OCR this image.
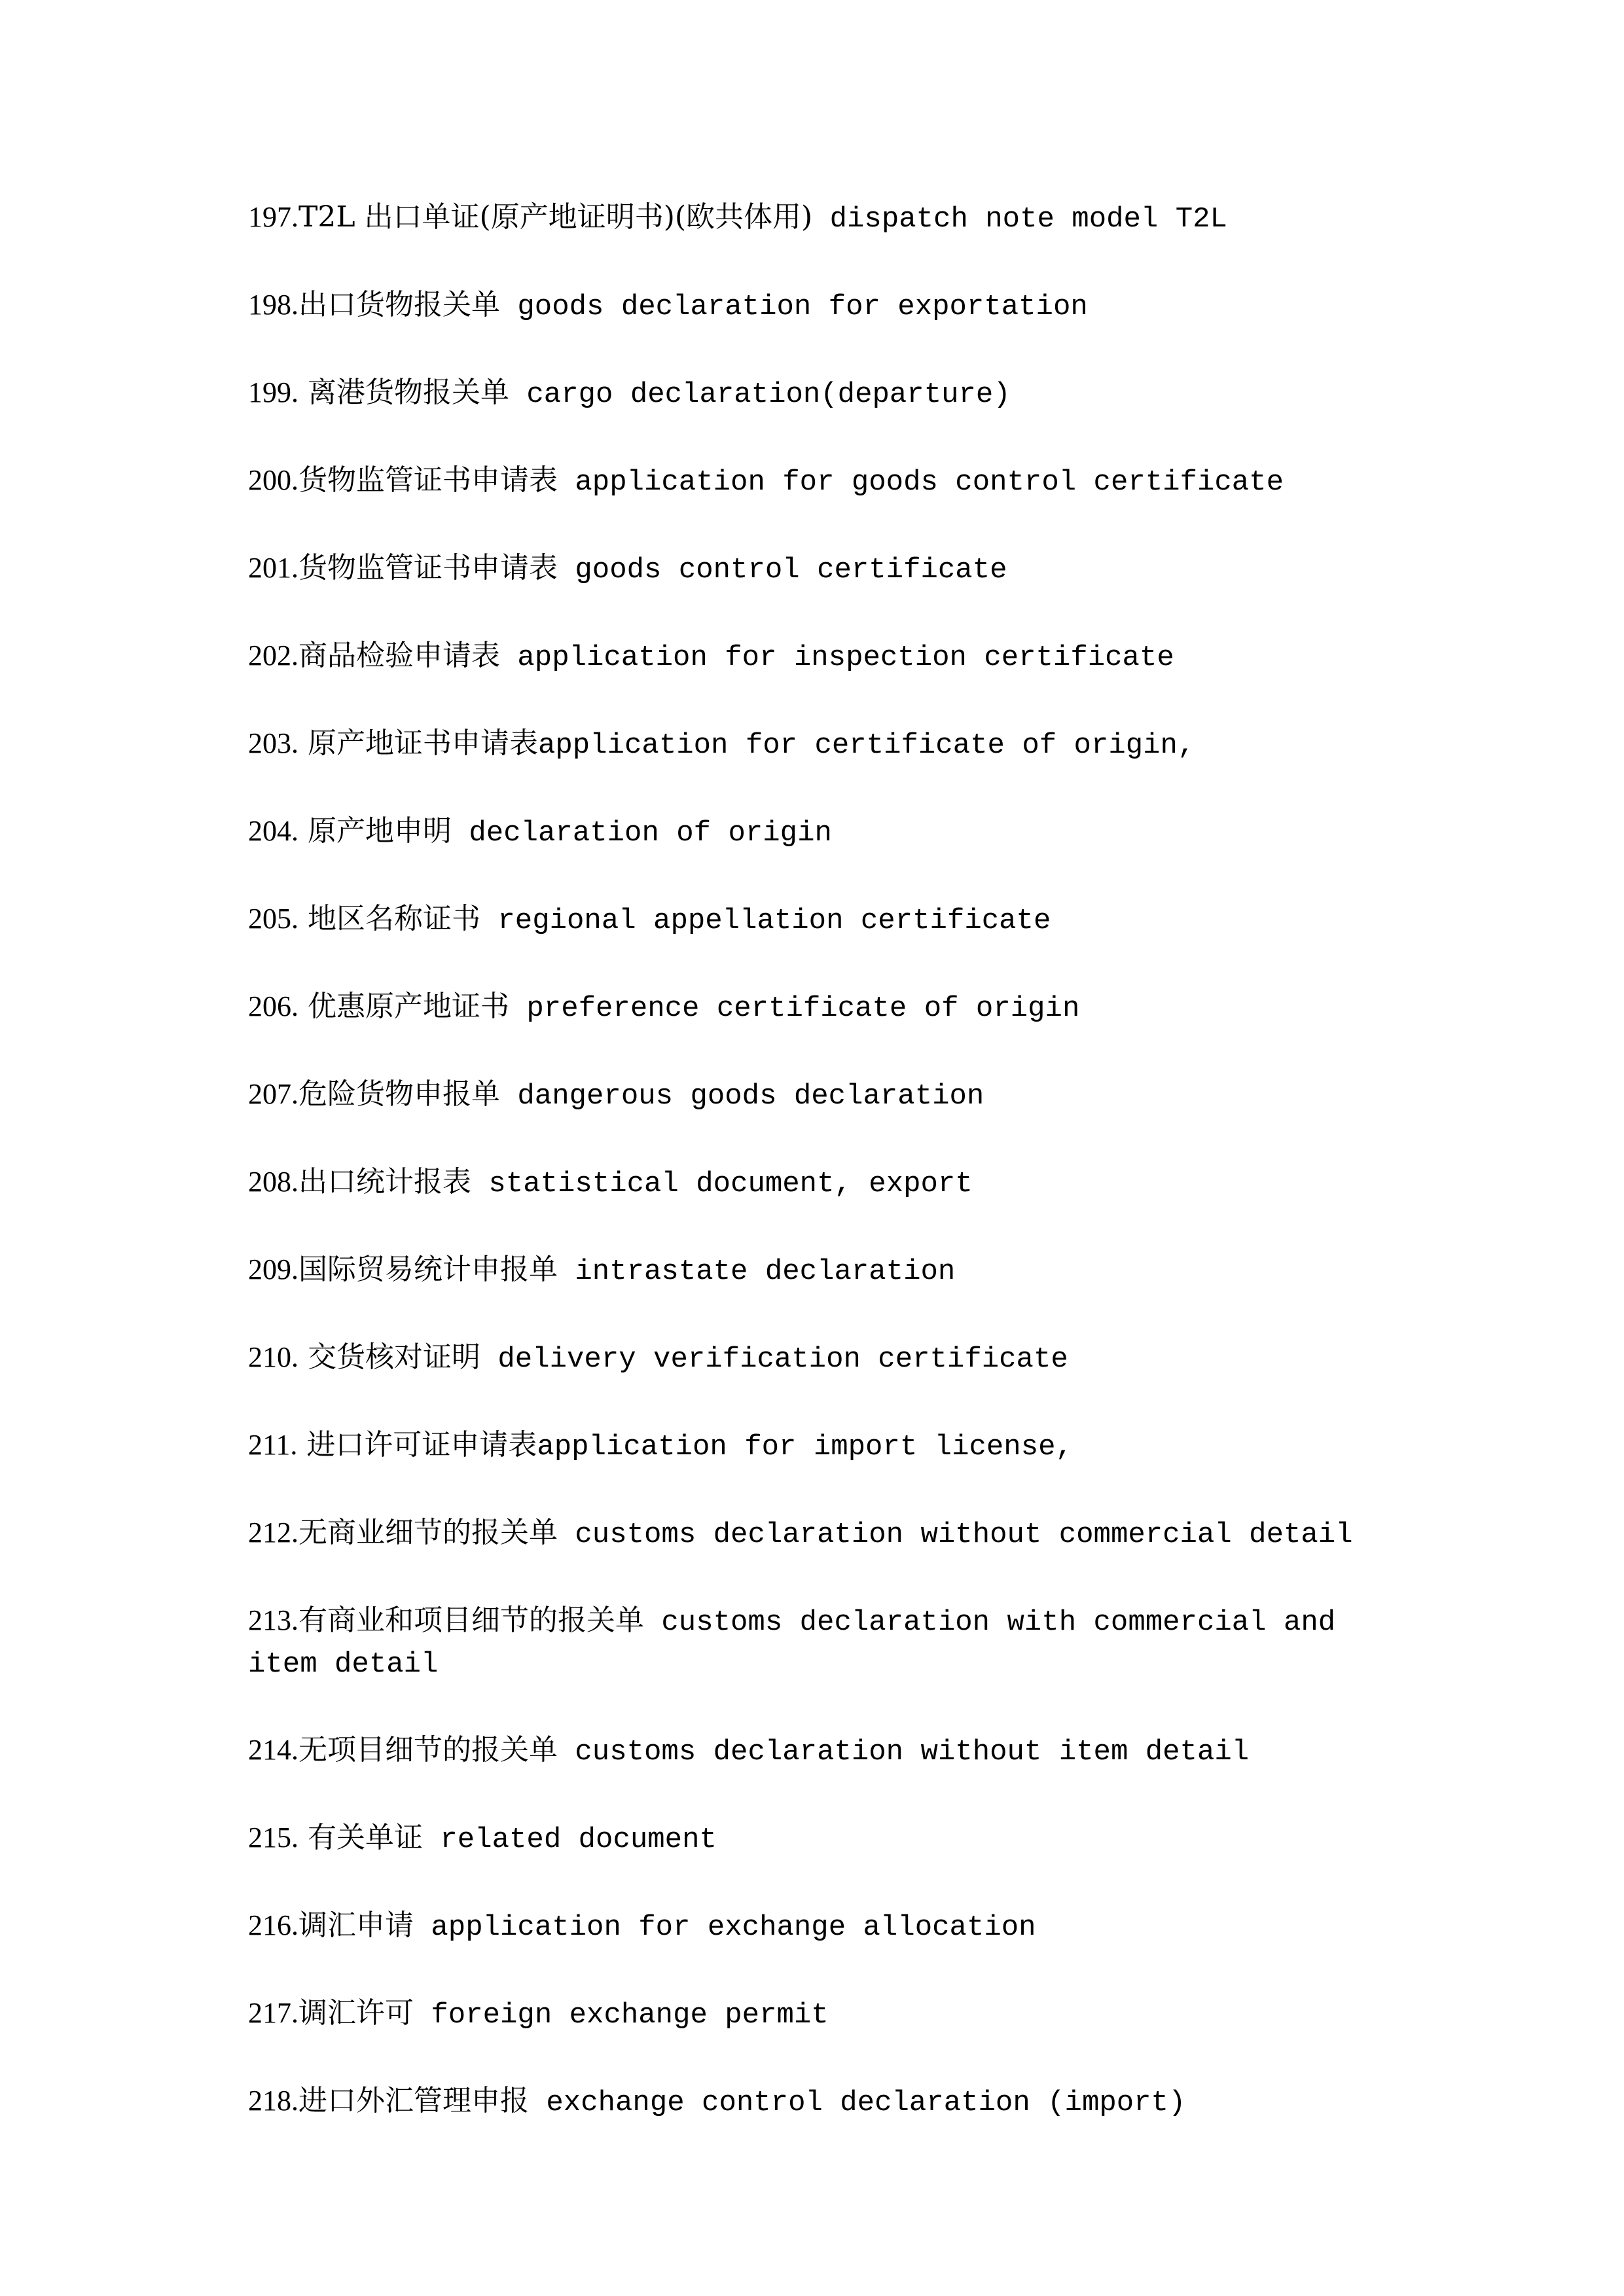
197.T2L 出口单证(原产地证明书)(欧共体用) dispatch note model T2L

198.出口货物报关单 goods declaration for exportation

199. 离港货物报关单 cargo declaration(departure)

200.货物监管证书申请表 application for goods control certificate

201.货物监管证书申请表 goods control certificate

202.商品检验申请表 application for inspection certificate

203. 原产地证书申请表application for certificate of origin,

204. 原产地申明 declaration of origin

205. 地区名称证书 regional appellation certificate

206. 优惠原产地证书 preference certificate of origin

207.危险货物申报单 dangerous goods declaration

208.出口统计报表 statistical document, export

209.国际贸易统计申报单 intrastate declaration

210. 交货核对证明 delivery verification certificate

211. 进口许可证申请表application for import license,

212.无商业细节的报关单 customs declaration without commercial detail

213.有商业和项目细节的报关单 customs declaration with commercial and item detail

214.无项目细节的报关单 customs declaration without item detail

215. 有关单证 related document

216.调汇申请 application for exchange allocation

217.调汇许可 foreign exchange permit

218.进口外汇管理申报 exchange control declaration (import)
